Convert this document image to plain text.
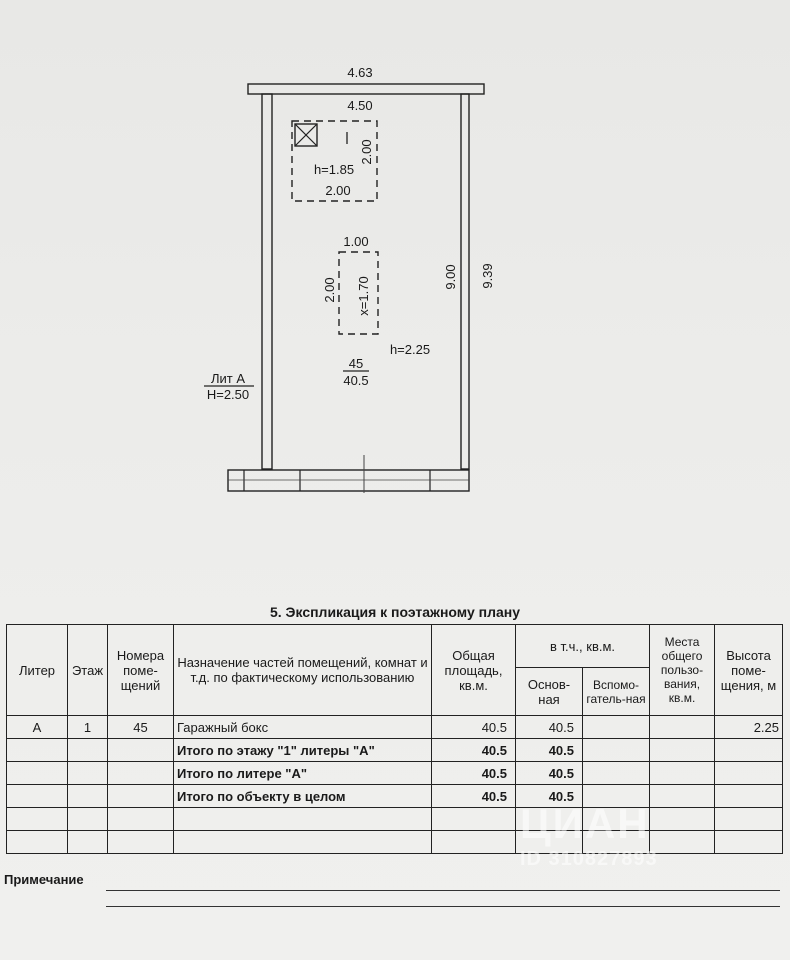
4.63
4.50
2.00
h=1.85
2.00
1.00
2.00 x=1.70	9.00 9.39
h=2.25
45
40.5
Лит А
H=2.50
5. Экспликация к поэтажному плану
Литер	Этаж	Номера поме-щений	Назначение частей помещений, комнат и т.д. по фактическому использованию	Общая площадь, кв.м.	в т.ч., кв.м.		Места общего пользо-вания, кв.м.	Высота поме-щения, м
					Основ-ная	Вспомо-гатель-ная		
А	1	45	Гаражный бокс	40.5	40.5			2.25
			Итого по этажу "1" литеры "А"	40.5	40.5			
			Итого по литере "А"	40.5	40.5			
			Итого по объекту в целом	40.5	40.5			

Примечание
ЦИАН
ID 310827893
